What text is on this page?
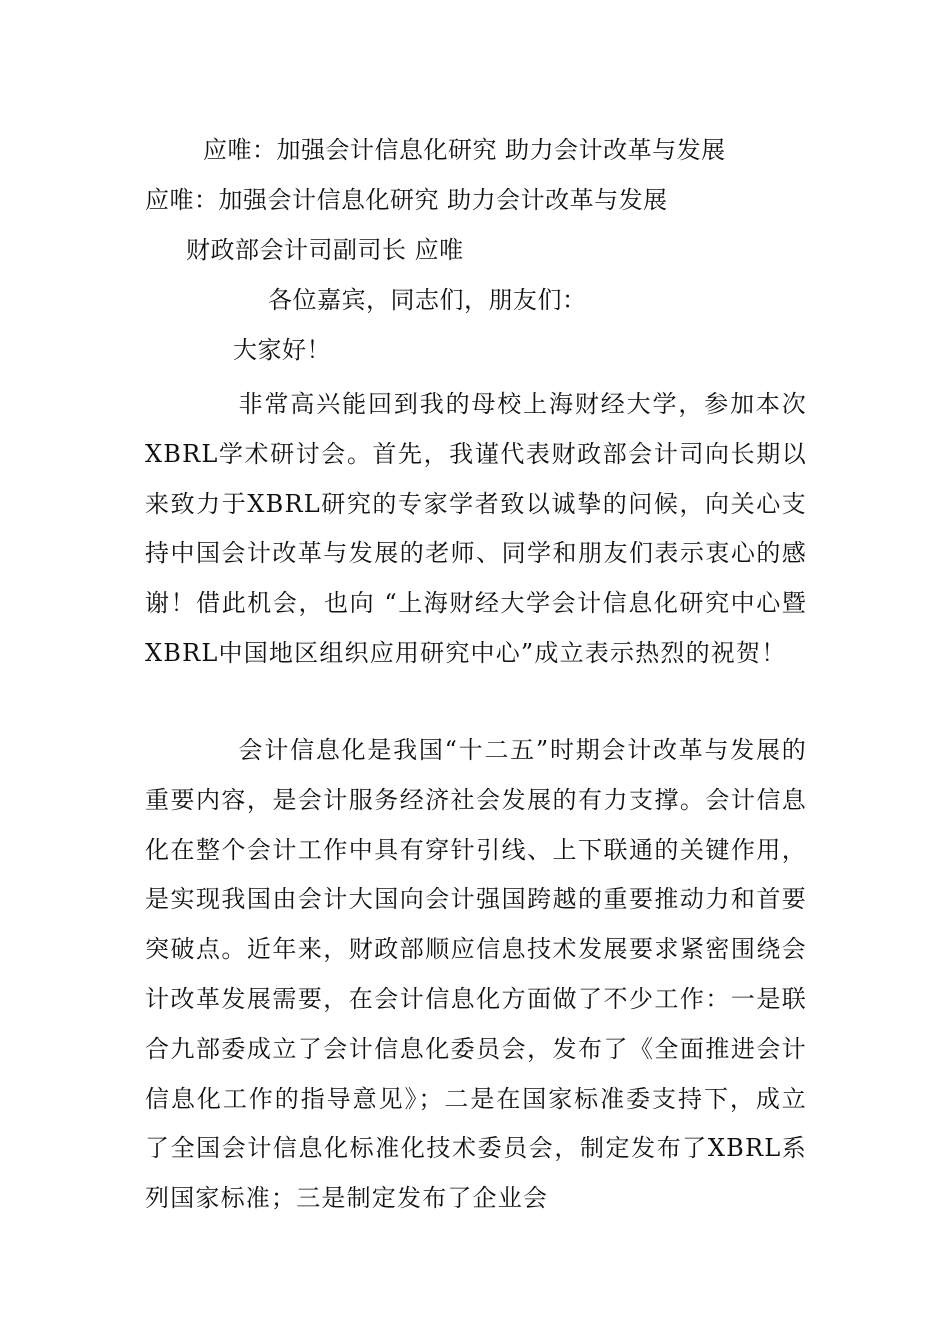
应唯：加强会计信息化研究 助力会计改革与发展
应唯：加强会计信息化研究 助力会计改革与发展
财政部会计司副司长 应唯
各位嘉宾，同志们，朋友们：
大家好！
非常高兴能回到我的母校上海财经大学，参加本次XBRL学术研讨会。首先，我谨代表财政部会计司向长期以来致力于XBRL研究的专家学者致以诚挚的问候，向关心支持中国会计改革与发展的老师、同学和朋友们表示衷心的感谢！借此机会，也向 “上海财经大学会计信息化研究中心暨XBRL中国地区组织应用研究中心”成立表示热烈的祝贺！
会计信息化是我国“十二五”时期会计改革与发展的重要内容，是会计服务经济社会发展的有力支撑。会计信息化在整个会计工作中具有穿针引线、上下联通的关键作用，是实现我国由会计大国向会计强国跨越的重要推动力和首要突破点。近年来，财政部顺应信息技术发展要求紧密围绕会计改革发展需要，在会计信息化方面做了不少工作：一是联合九部委成立了会计信息化委员会，发布了《全面推进会计信息化工作的指导意见》；二是在国家标准委支持下，成立了全国会计信息化标准化技术委员会，制定发布了XBRL系列国家标准；三是制定发布了企业会
